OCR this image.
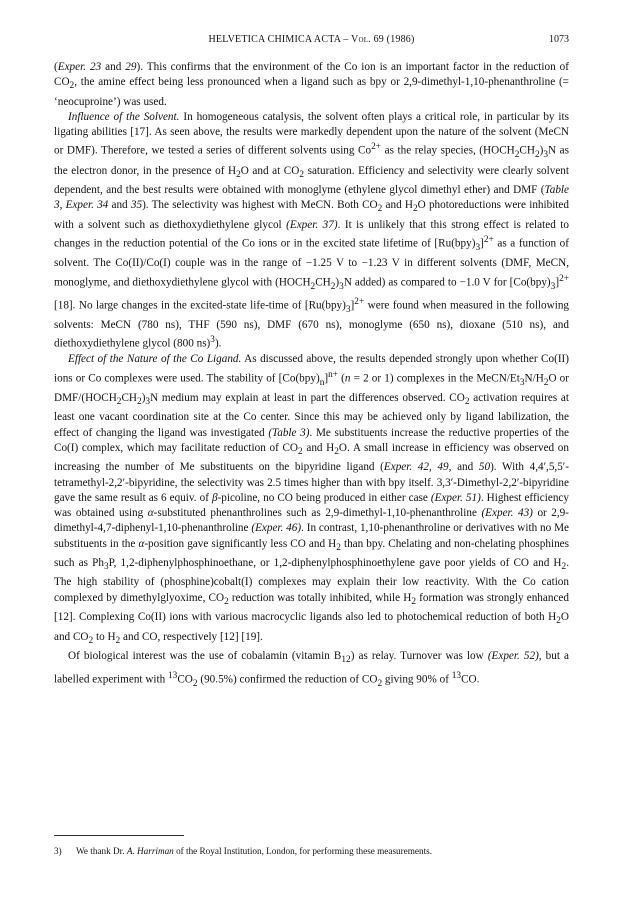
HELVETICA CHIMICA ACTA – Vol. 69 (1986)	1073

(Exper. 23 and 29). This confirms that the environment of the Co ion is an important factor in the reduction of $CO_2$, the amine effect being less pronounced when a ligand such as bpy or 2,9-dimethyl-1,10-phenanthroline (= ‘neocuproine’) was used.

Influence of the Solvent. In homogeneous catalysis, the solvent often plays a critical role, in particular by its ligating abilities [17]. As seen above, the results were markedly dependent upon the nature of the solvent (MeCN or DMF). Therefore, we tested a series of different solvents using $Co^{2+}$ as the relay species, $(HOCH_2CH_2)_3N$ as the electron donor, in the presence of $H_2O$ and at $CO_2$ saturation. Efficiency and selectivity were clearly solvent dependent, and the best results were obtained with monoglyme (ethylene glycol dimethyl ether) and DMF (Table 3, Exper. 34 and 35). The selectivity was highest with MeCN. Both $CO_2$ and $H_2O$ photoreductions were inhibited with a solvent such as diethoxydiethylene glycol (Exper. 37). It is unlikely that this strong effect is related to changes in the reduction potential of the Co ions or in the excited state lifetime of $[Ru(bpy)_3]^{2+}$ as a function of solvent. The Co(II)/Co(I) couple was in the range of −1.25 V to −1.23 V in different solvents (DMF, MeCN, monoglyme, and diethoxydiethylene glycol with $(HOCH_2CH_2)_3N$ added) as compared to −1.0 V for $[Co(bpy)_3]^{2+}$ [18]. No large changes in the excited-state life-time of $[Ru(bpy)_3]^{2+}$ were found when measured in the following solvents: MeCN (780 ns), THF (590 ns), DMF (670 ns), monoglyme (650 ns), dioxane (510 ns), and diethoxydiethylene glycol (800 ns)$^3$).

Effect of the Nature of the Co Ligand. As discussed above, the results depended strongly upon whether Co(II) ions or Co complexes were used. The stability of $[Co(bpy)_n]^{n+}$ (n = 2 or 1) complexes in the MeCN/$Et_3N/H_2O$ or DMF/$(HOCH_2CH_2)_3N$ medium may explain at least in part the differences observed. $CO_2$ activation requires at least one vacant coordination site at the Co center. Since this may be achieved only by ligand labilization, the effect of changing the ligand was investigated (Table 3). Me substituents increase the reductive properties of the Co(I) complex, which may facilitate reduction of $CO_2$ and $H_2O$. A small increase in efficiency was observed on increasing the number of Me substituents on the bipyridine ligand (Exper. 42, 49, and 50). With 4,4′,5,5′-tetramethyl-2,2′-bipyridine, the selectivity was 2.5 times higher than with bpy itself. 3,3′-Dimethyl-2,2′-bipyridine gave the same result as 6 equiv. of β-picoline, no CO being produced in either case (Exper. 51). Highest efficiency was obtained using α-substituted phenanthrolines such as 2,9-dimethyl-1,10-phenanthroline (Exper. 43) or 2,9-dimethyl-4,7-diphenyl-1,10-phenanthroline (Exper. 46). In contrast, 1,10-phenanthroline or derivatives with no Me substituents in the α-position gave significantly less CO and $H_2$ than bpy. Chelating and non-chelating phosphines such as $Ph_3P$, 1,2-diphenylphosphinoethane, or 1,2-diphenylphosphinoethylene gave poor yields of CO and $H_2$. The high stability of (phosphine)cobalt(I) complexes may explain their low reactivity. With the Co cation complexed by dimethylglyoxime, $CO_2$ reduction was totally inhibited, while $H_2$ formation was strongly enhanced [12]. Complexing Co(II) ions with various macrocyclic ligands also led to photochemical reduction of both $H_2O$ and $CO_2$ to $H_2$ and CO, respectively [12] [19].

Of biological interest was the use of cobalamin (vitamin $B_{12}$) as relay. Turnover was low (Exper. 52), but a labelled experiment with $^{13}CO_2$ (90.5%) confirmed the reduction of $CO_2$ giving 90% of $^{13}$CO.

3) We thank Dr. A. Harriman of the Royal Institution, London, for performing these measurements.
